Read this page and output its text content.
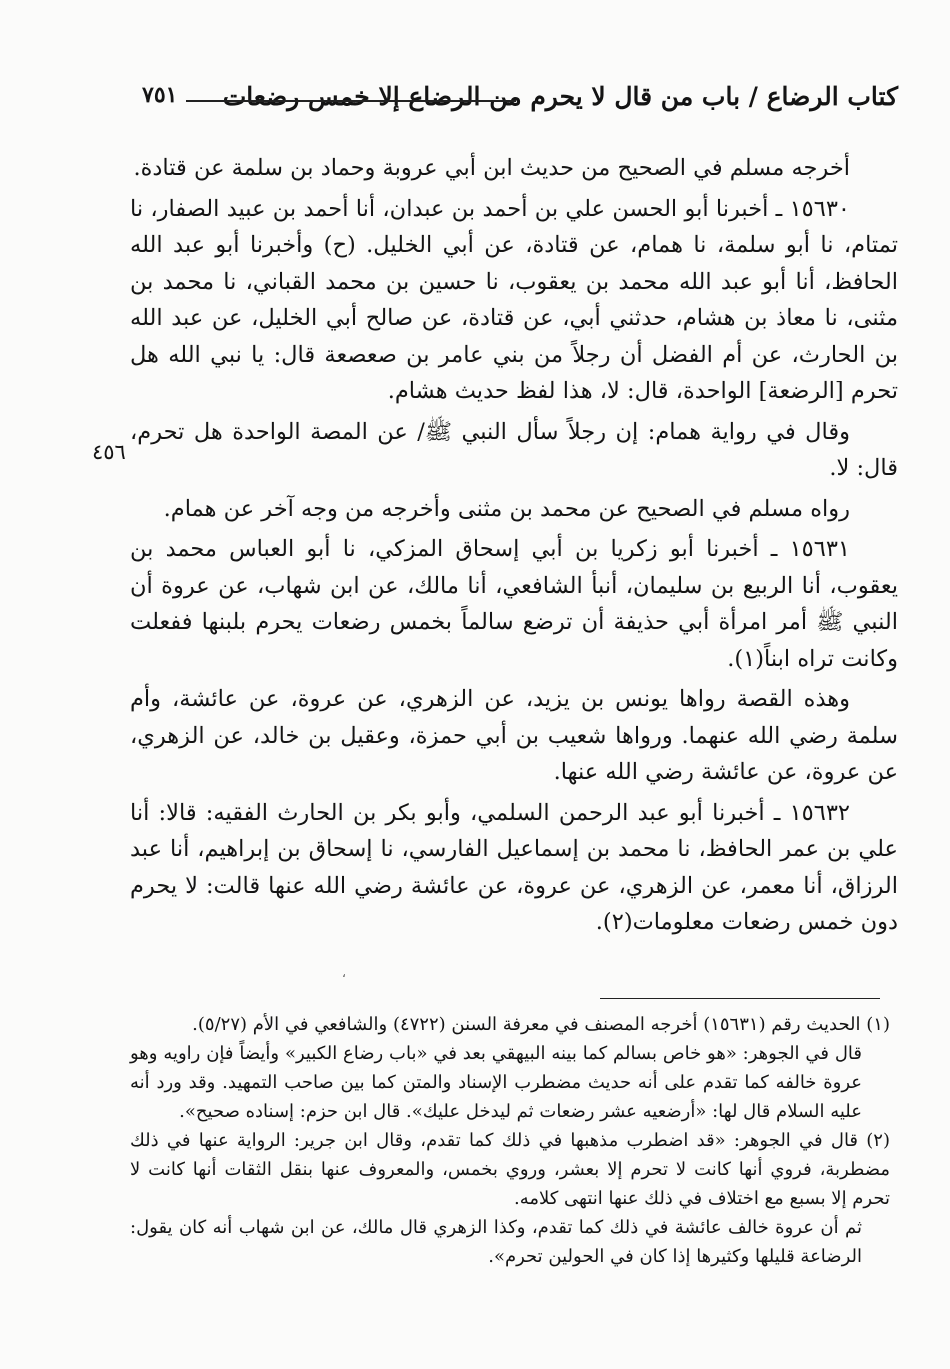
كتاب الرضاع / باب من قال لا يحرم من الرضاع إلا خمس رضعات
٧٥١
٤٥٦

أخرجه مسلم في الصحيح من حديث ابن أبي عروبة وحماد بن سلمة عن قتادة.

١٥٦٣٠ ـ أخبرنا أبو الحسن علي بن أحمد بن عبدان، أنا أحمد بن عبيد الصفار، نا تمتام، نا أبو سلمة، نا همام، عن قتادة، عن أبي الخليل. (ح) وأخبرنا أبو عبد الله الحافظ، أنا أبو عبد الله محمد بن يعقوب، نا حسين بن محمد القباني، نا محمد بن مثنى، نا معاذ بن هشام، حدثني أبي، عن قتادة، عن صالح أبي الخليل، عن عبد الله بن الحارث، عن أم الفضل أن رجلاً من بني عامر بن صعصعة قال: يا نبي الله هل تحرم [الرضعة] الواحدة، قال: لا، هذا لفظ حديث هشام.

وقال في رواية همام: إن رجلاً سأل النبي ﷺ/ عن المصة الواحدة هل تحرم، قال: لا.

رواه مسلم في الصحيح عن محمد بن مثنى وأخرجه من وجه آخر عن همام.

١٥٦٣١ ـ أخبرنا أبو زكريا بن أبي إسحاق المزكي، نا أبو العباس محمد بن يعقوب، أنا الربيع بن سليمان، أنبأ الشافعي، أنا مالك، عن ابن شهاب، عن عروة أن النبي ﷺ أمر امرأة أبي حذيفة أن ترضع سالماً بخمس رضعات يحرم بلبنها ففعلت وكانت تراه ابناً(١).

وهذه القصة رواها يونس بن يزيد، عن الزهري، عن عروة، عن عائشة، وأم سلمة رضي الله عنهما. ورواها شعيب بن أبي حمزة، وعقيل بن خالد، عن الزهري، عن عروة، عن عائشة رضي الله عنها.

١٥٦٣٢ ـ أخبرنا أبو عبد الرحمن السلمي، وأبو بكر بن الحارث الفقيه: قالا: أنا علي بن عمر الحافظ، نا محمد بن إسماعيل الفارسي، نا إسحاق بن إبراهيم، أنا عبد الرزاق، أنا معمر، عن الزهري، عن عروة، عن عائشة رضي الله عنها قالت: لا يحرم دون خمس رضعات معلومات(٢).

،

(١) الحديث رقم (١٥٦٣١) أخرجه المصنف في معرفة السنن (٤٧٢٢) والشافعي في الأم (٥/٢٧).

قال في الجوهر: «هو خاص بسالم كما بينه البيهقي بعد في «باب رضاع الكبير» وأيضاً فإن راويه وهو عروة خالفه كما تقدم على أنه حديث مضطرب الإسناد والمتن كما بين صاحب التمهيد. وقد ورد أنه عليه السلام قال لها: «أرضعيه عشر رضعات ثم ليدخل عليك». قال ابن حزم: إسناده صحيح».

(٢) قال في الجوهر: «قد اضطرب مذهبها في ذلك كما تقدم، وقال ابن جرير: الرواية عنها في ذلك مضطربة، فروي أنها كانت لا تحرم إلا بعشر، وروي بخمس، والمعروف عنها بنقل الثقات أنها كانت لا تحرم إلا بسبع مع اختلاف في ذلك عنها انتهى كلامه.

ثم أن عروة خالف عائشة في ذلك كما تقدم، وكذا الزهري قال مالك، عن ابن شهاب أنه كان يقول: الرضاعة قليلها وكثيرها إذا كان في الحولين تحرم».
